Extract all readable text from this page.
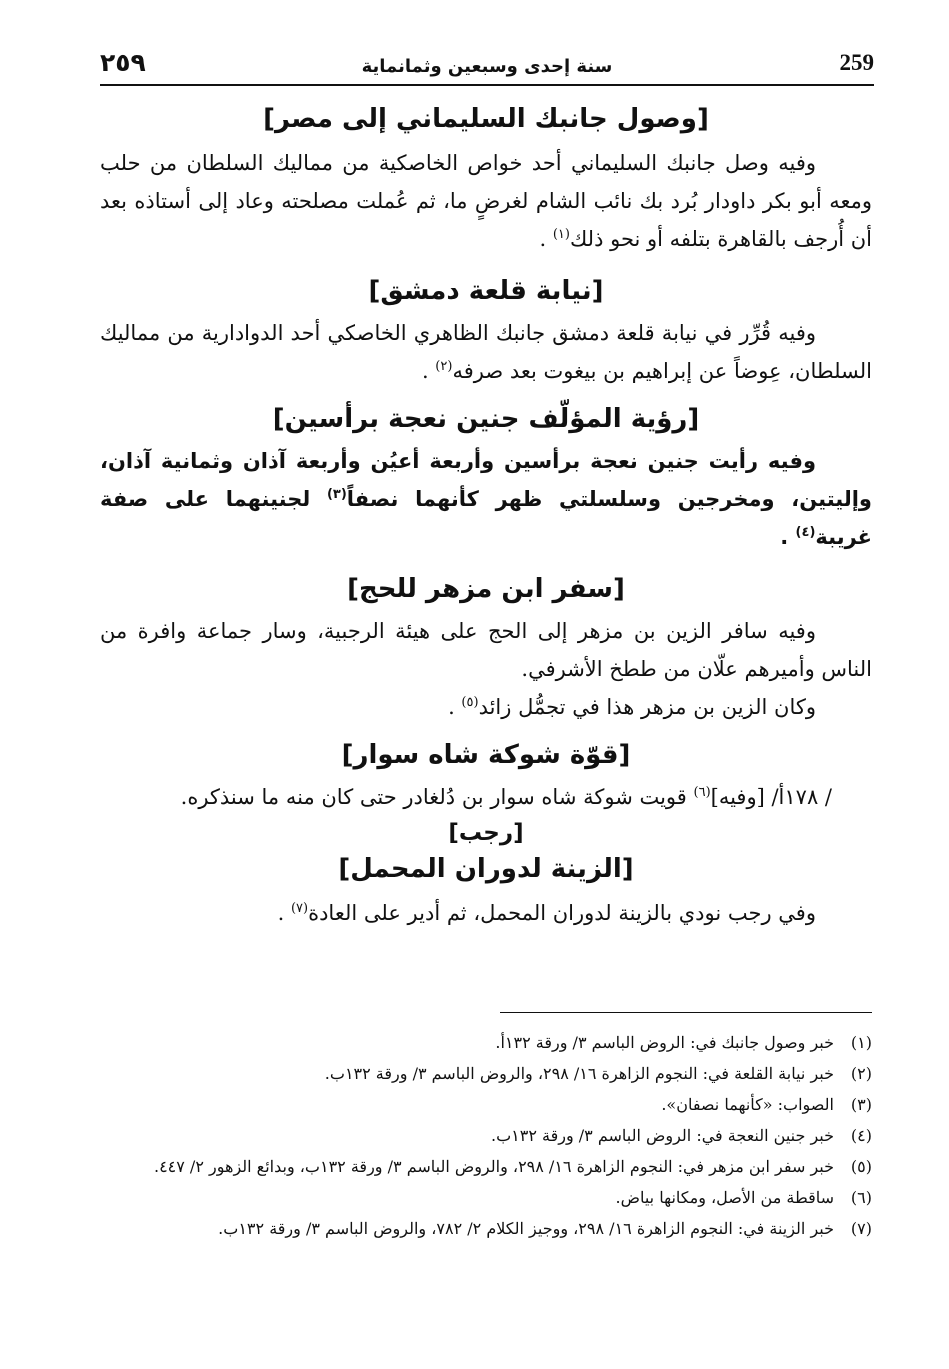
٢٥٩	سنة إحدى وسبعين وثمانماية	259
[وصول جانبك السليماني إلى مصر]

وفيه وصل جانبك السليماني أحد خواص الخاصكية من مماليك السلطان من حلب ومعه أبو بكر داودار بُرد بك نائب الشام لغرضٍ ما، ثم عُملت مصلحته وعاد إلى أستاذه بعد أن أُرجف بالقاهرة بتلفه أو نحو ذلك$^{(١)}$ .

[نيابة قلعة دمشق]

وفيه قُرِّر في نيابة قلعة دمشق جانبك الظاهري الخاصكي أحد الدوادارية من مماليك السلطان، عِوضاً عن إبراهيم بن بيغوت بعد صرفه$^{(٢)}$ .

[رؤية المؤلّف جنين نعجة برأسين]

وفيه رأيت جنين نعجة برأسين وأربعة أعيُن وأربعة آذان وثمانية آذان، وإليتين، ومخرجين وسلسلتي ظهر كأنهما نصفاً$^{(٣)}$ لجنينهما على صفة غريبة$^{(٤)}$ .

[سفر ابن مزهر للحج]

وفيه سافر الزين بن مزهر إلى الحج على هيئة الرجبية، وسار جماعة وافرة من الناس وأميرهم علّان من ططخ الأشرفي.

وكان الزين بن مزهر هذا في تجمُّل زائد$^{(٥)}$ .

[قوّة شوكة شاه سوار]

/ ١٧٨أ/ [وفيه]$^{(٦)}$ قويت شوكة شاه سوار بن دُلغادر حتى كان منه ما سنذكره.

[رجب]
[الزينة لدوران المحمل]

وفي رجب نودي بالزينة لدوران المحمل، ثم أدير على العادة$^{(٧)}$ .

(١)
خبر وصول جانبك في: الروض الباسم ٣/ ورقة ١٣٢أ.
(٢)
خبر نيابة القلعة في: النجوم الزاهرة ١٦/ ٢٩٨، والروض الباسم ٣/ ورقة ١٣٢ب.
(٣)
الصواب: «كأنهما نصفان».
(٤)
خبر جنين النعجة في: الروض الباسم ٣/ ورقة ١٣٢ب.
(٥)
خبر سفر ابن مزهر في: النجوم الزاهرة ١٦/ ٢٩٨، والروض الباسم ٣/ ورقة ١٣٢ب، وبدائع الزهور ٢/ ٤٤٧.
(٦)
ساقطة من الأصل، ومكانها بياض.
(٧)
خبر الزينة في: النجوم الزاهرة ١٦/ ٢٩٨، ووجيز الكلام ٢/ ٧٨٢، والروض الباسم ٣/ ورقة ١٣٢ب.
